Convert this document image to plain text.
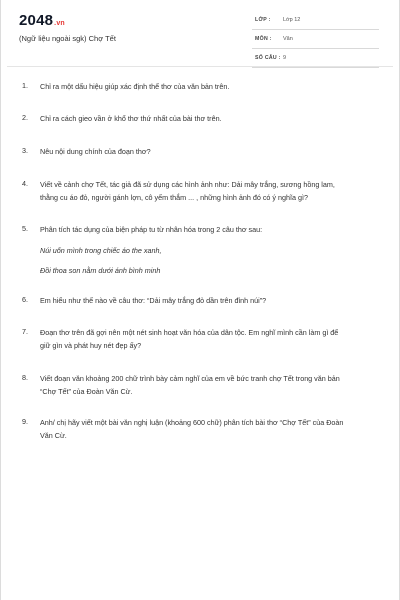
2048.vn
(Ngữ liệu ngoài sgk) Chợ Tết
LỚP : Lớp 12
MÔN : Văn
SỐ CÂU : 9
1. Chỉ ra một dấu hiệu giúp xác định thể thơ của văn bản trên.
2. Chỉ ra cách gieo vần ở khổ thơ thứ nhất của bài thơ trên.
3. Nêu nội dung chính của đoạn thơ?
4. Viết về cảnh chợ Tết, tác giả đã sử dụng các hình ảnh như: Dải mây trắng, sương hồng lam,
thằng cu áo đỏ, người gánh lợn, cô yếm thắm ... , những hình ảnh đó có ý nghĩa gì?
5. Phân tích tác dụng của biện pháp tu từ nhân hóa trong 2 câu thơ sau:
Núi uốn mình trong chiếc áo the xanh,
Đồi thoa son nằm dưới ánh bình minh
6. Em hiểu như thế nào về câu thơ: “Dải mây trắng đỏ dần trên đỉnh núi”?
7. Đoạn thơ trên đã gợi nên một nét sinh hoạt văn hóa của dân tộc. Em nghĩ mình cần làm gì để
giữ gìn và phát huy nét đẹp ấy?
8. Viết đoạn văn khoảng 200 chữ trình bày cảm nghĩ của em về bức tranh chợ Tết trong văn bản
“Chợ Tết” của Đoàn Văn Cừ.
9. Anh/ chị hãy viết một bài văn nghị luận (khoảng 600 chữ) phân tích bài thơ “Chợ Tết” của Đoàn
Văn Cừ.
